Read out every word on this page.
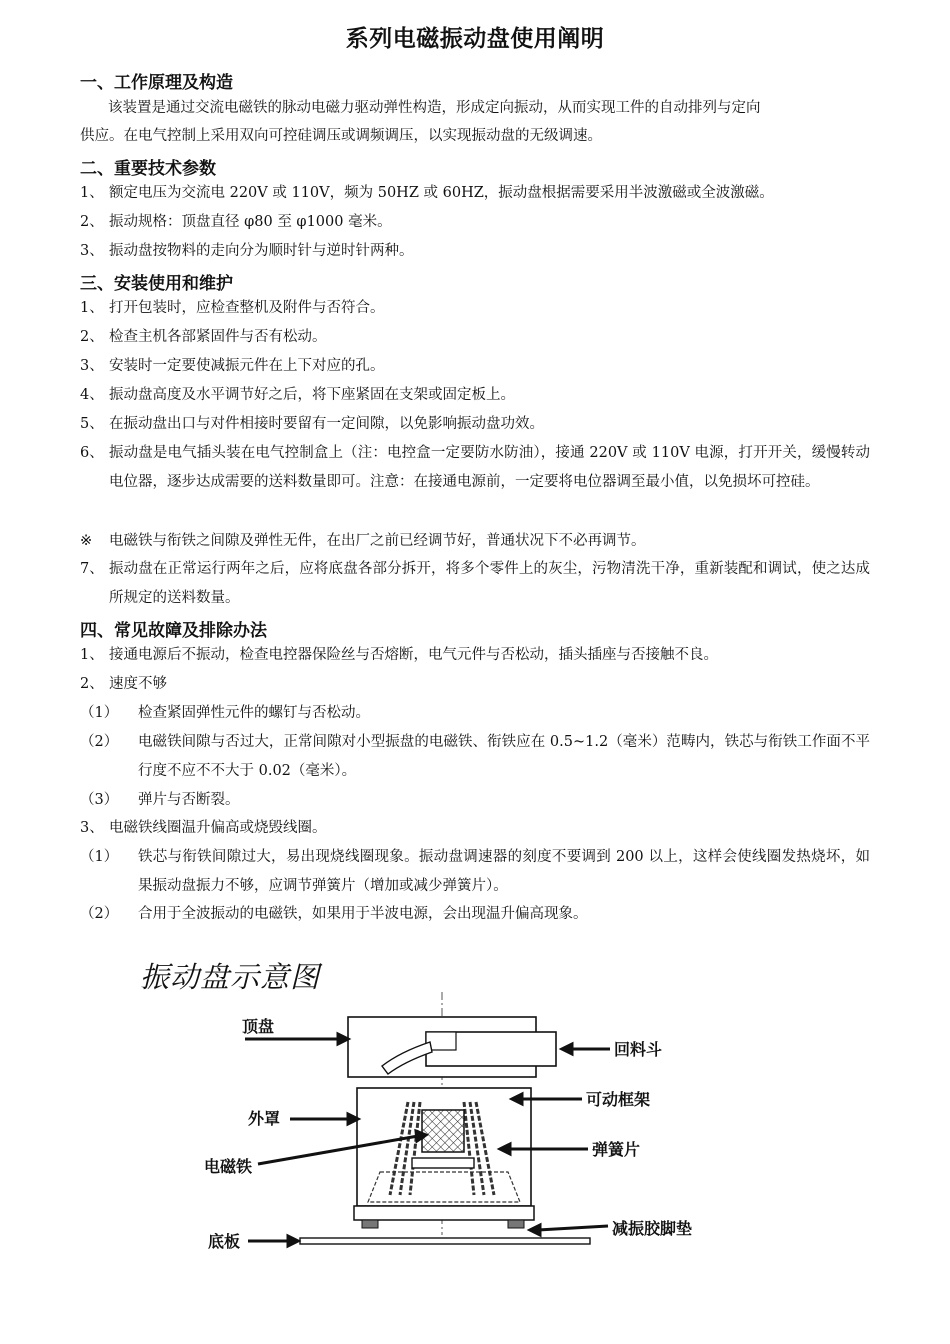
系列电磁振动盘使用阐明
一、工作原理及构造
该装置是通过交流电磁铁的脉动电磁力驱动弹性构造，形成定向振动，从而实现工件的自动排列与定向
供应。在电气控制上采用双向可控硅调压或调频调压，以实现振动盘的无级调速。
二、重要技术参数
1、 额定电压为交流电 220V 或 110V，频为 50HZ 或 60HZ，振动盘根据需要采用半波激磁或全波激磁。
2、 振动规格：顶盘直径 φ80 至 φ1000 毫米。
3、 振动盘按物料的走向分为顺时针与逆时针两种。
三、安装使用和维护
1、 打开包装时，应检查整机及附件与否符合。
2、 检查主机各部紧固件与否有松动。
3、 安装时一定要使减振元件在上下对应的孔。
4、 振动盘高度及水平调节好之后，将下座紧固在支架或固定板上。
5、 在振动盘出口与对件相接时要留有一定间隙，以免影响振动盘功效。
6、 振动盘是电气插头装在电气控制盒上（注：电控盒一定要防水防油），接通 220V 或 110V 电源，打开开关，缓慢转动电位器，逐步达成需要的送料数量即可。注意：在接通电源前，一定要将电位器调至最小值，以免损坏可控硅。
※	电磁铁与衔铁之间隙及弹性无件，在出厂之前已经调节好，普通状况下不必再调节。
7、 振动盘在正常运行两年之后，应将底盘各部分拆开，将多个零件上的灰尘，污物清洗干净，重新装配和调试，使之达成所规定的送料数量。
四、常见故障及排除办法
1、 接通电源后不振动，检查电控器保险丝与否熔断，电气元件与否松动，插头插座与否接触不良。
2、 速度不够
（1） 检查紧固弹性元件的螺钉与否松动。
（2） 电磁铁间隙与否过大，正常间隙对小型振盘的电磁铁、衔铁应在 0.5~1.2（毫米）范畴内，铁芯与衔铁工作面不平行度不应不不大于 0.02（毫米）。
（3） 弹片与否断裂。
3、 电磁铁线圈温升偏高或烧毁线圈。
（1） 铁芯与衔铁间隙过大，易出现烧线圈现象。振动盘调速器的刻度不要调到 200 以上，这样会使线圈发热烧坏，如果振动盘振力不够，应调节弹簧片（增加或减少弹簧片）。
（2） 合用于全波振动的电磁铁，如果用于半波电源，会出现温升偏高现象。
振动盘示意图
顶盘
回料斗
可动框架
外罩
弹簧片
电磁铁
底板
减振胶脚垫
